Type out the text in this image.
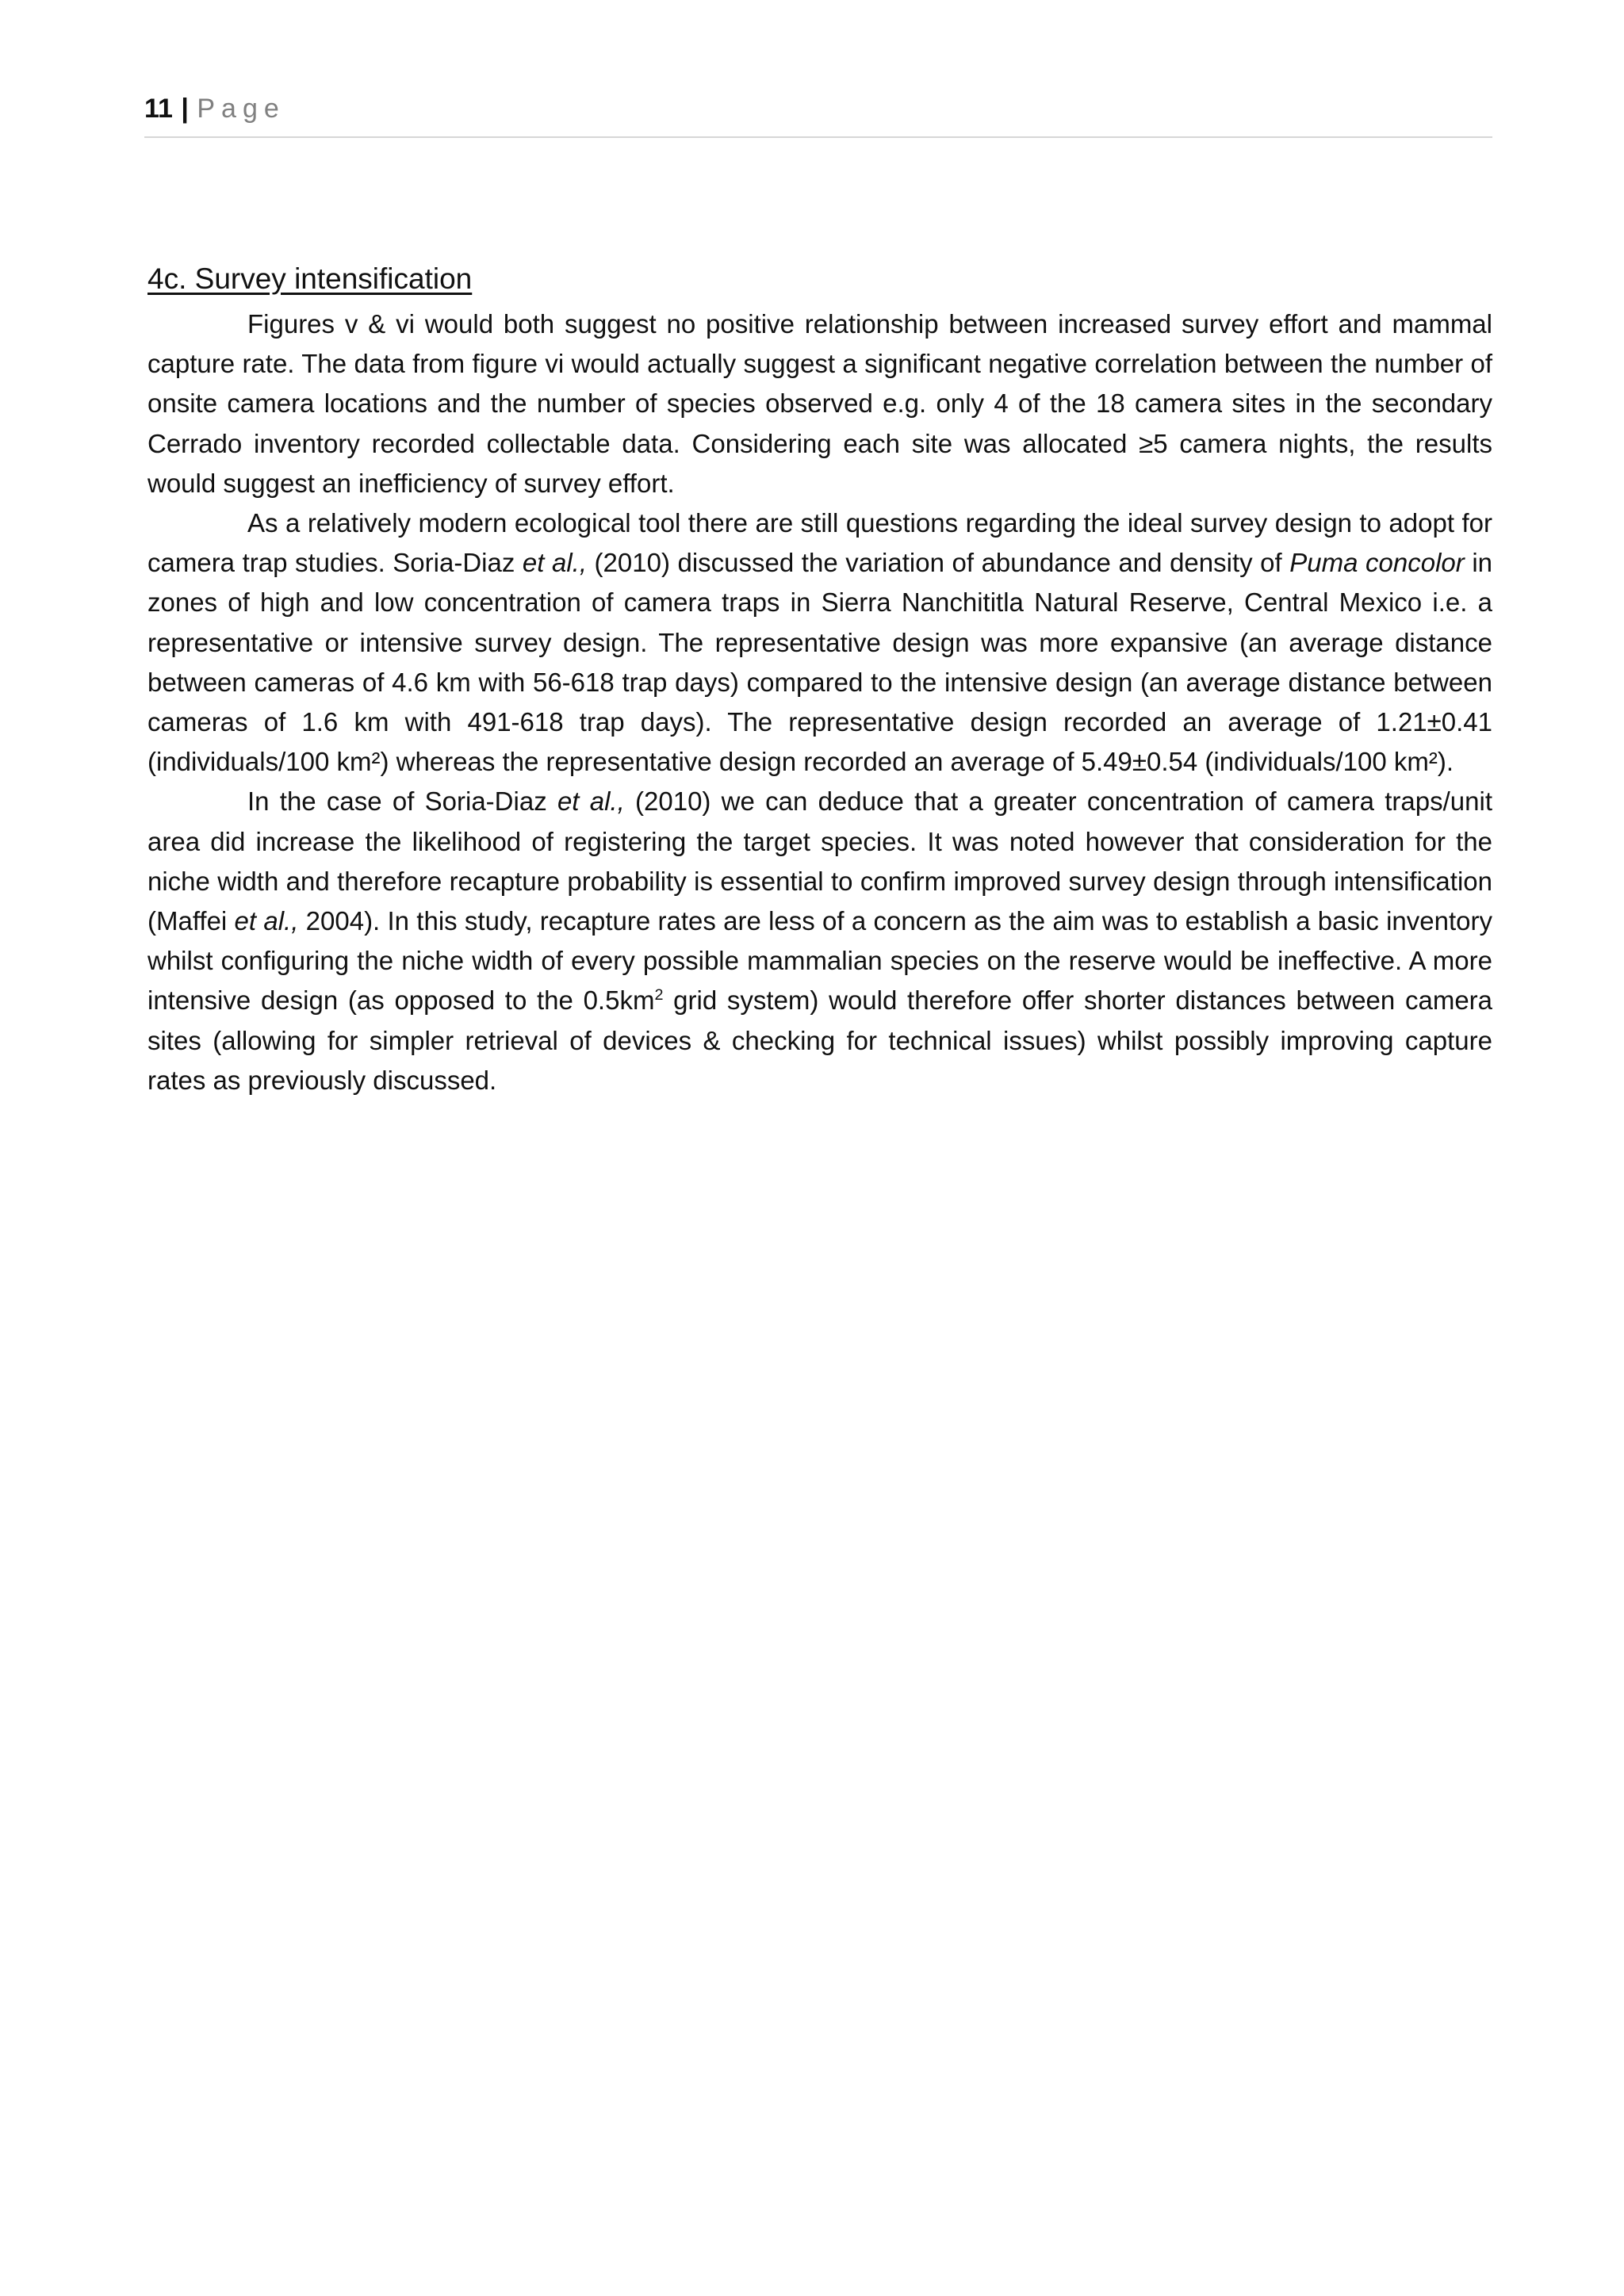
11 | Page
4c. Survey intensification

Figures v & vi would both suggest no positive relationship between increased survey effort and mammal capture rate. The data from figure vi would actually suggest a significant negative correlation between the number of onsite camera locations and the number of species observed e.g. only 4 of the 18 camera sites in the secondary Cerrado inventory recorded collectable data. Considering each site was allocated ≥5 camera nights, the results would suggest an inefficiency of survey effort.

As a relatively modern ecological tool there are still questions regarding the ideal survey design to adopt for camera trap studies. Soria-Diaz et al., (2010) discussed the variation of abundance and density of Puma concolor in zones of high and low concentration of camera traps in Sierra Nanchititla Natural Reserve, Central Mexico i.e. a representative or intensive survey design. The representative design was more expansive (an average distance between cameras of 4.6 km with 56-618 trap days) compared to the intensive design (an average distance between cameras of 1.6 km with 491-618 trap days). The representative design recorded an average of 1.21±0.41 (individuals/100 km²) whereas the representative design recorded an average of 5.49±0.54 (individuals/100 km²).

In the case of Soria-Diaz et al., (2010) we can deduce that a greater concentration of camera traps/unit area did increase the likelihood of registering the target species. It was noted however that consideration for the niche width and therefore recapture probability is essential to confirm improved survey design through intensification (Maffei et al., 2004). In this study, recapture rates are less of a concern as the aim was to establish a basic inventory whilst configuring the niche width of every possible mammalian species on the reserve would be ineffective. A more intensive design (as opposed to the $0.5km^2$ grid system) would therefore offer shorter distances between camera sites (allowing for simpler retrieval of devices & checking for technical issues) whilst possibly improving capture rates as previously discussed.
